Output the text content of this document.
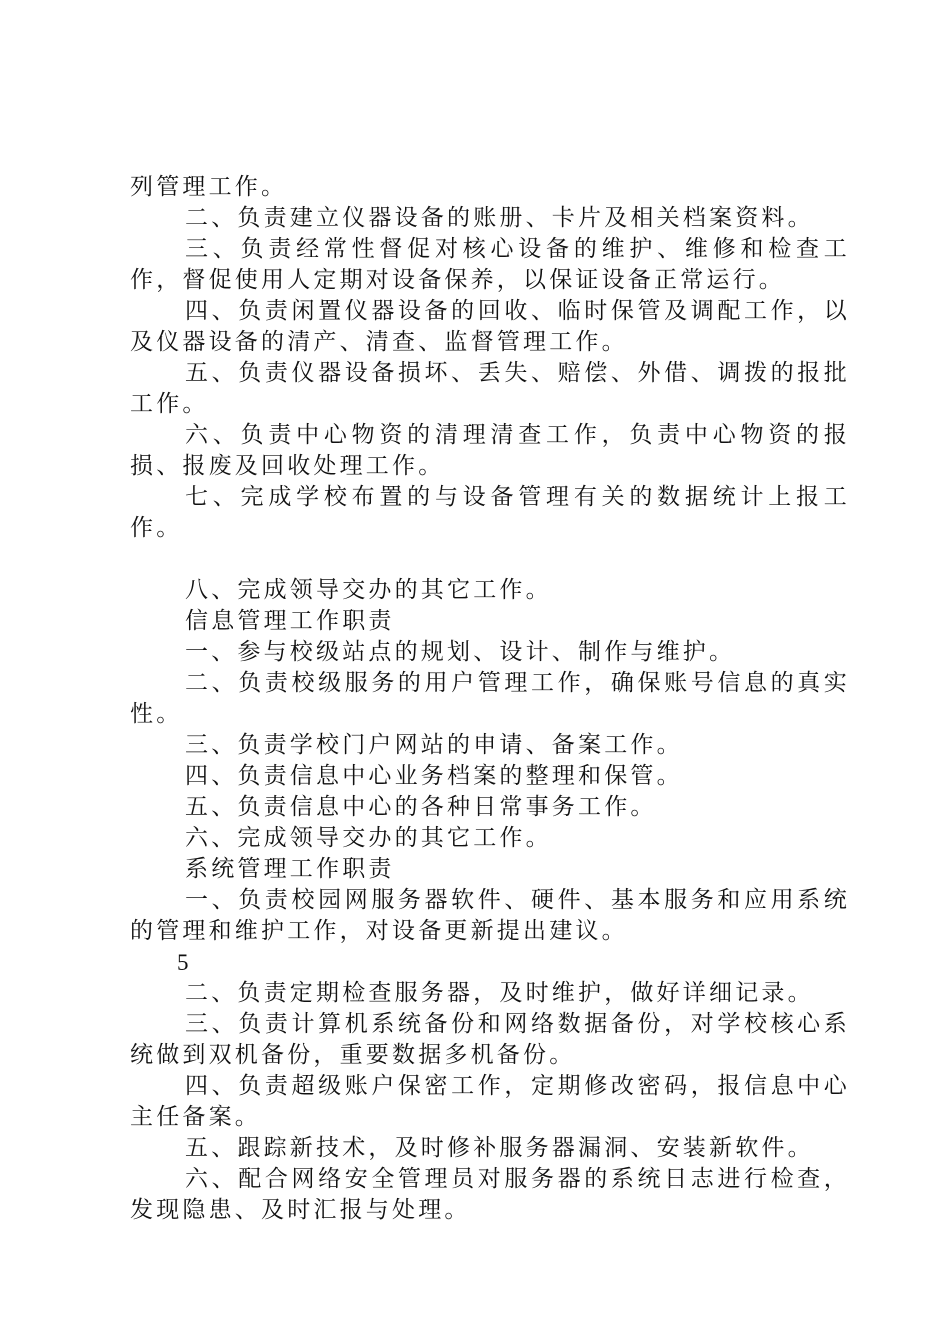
列管理工作。

二、负责建立仪器设备的账册、卡片及相关档案资料。

三、负责经常性督促对核心设备的维护、维修和检查工作，督促使用人定期对设备保养，以保证设备正常运行。

四、负责闲置仪器设备的回收、临时保管及调配工作，以及仪器设备的清产、清查、监督管理工作。

五、负责仪器设备损坏、丢失、赔偿、外借、调拨的报批工作。

六、负责中心物资的清理清查工作，负责中心物资的报损、报废及回收处理工作。

七、完成学校布置的与设备管理有关的数据统计上报工作。

八、完成领导交办的其它工作。

信息管理工作职责

一、参与校级站点的规划、设计、制作与维护。

二、负责校级服务的用户管理工作，确保账号信息的真实性。

三、负责学校门户网站的申请、备案工作。

四、负责信息中心业务档案的整理和保管。

五、负责信息中心的各种日常事务工作。

六、完成领导交办的其它工作。

系统管理工作职责

一、负责校园网服务器软件、硬件、基本服务和应用系统的管理和维护工作，对设备更新提出建议。

5

二、负责定期检查服务器，及时维护，做好详细记录。

三、负责计算机系统备份和网络数据备份，对学校核心系统做到双机备份，重要数据多机备份。

四、负责超级账户保密工作，定期修改密码，报信息中心主任备案。

五、跟踪新技术，及时修补服务器漏洞、安装新软件。

六、配合网络安全管理员对服务器的系统日志进行检查，发现隐患、及时汇报与处理。
